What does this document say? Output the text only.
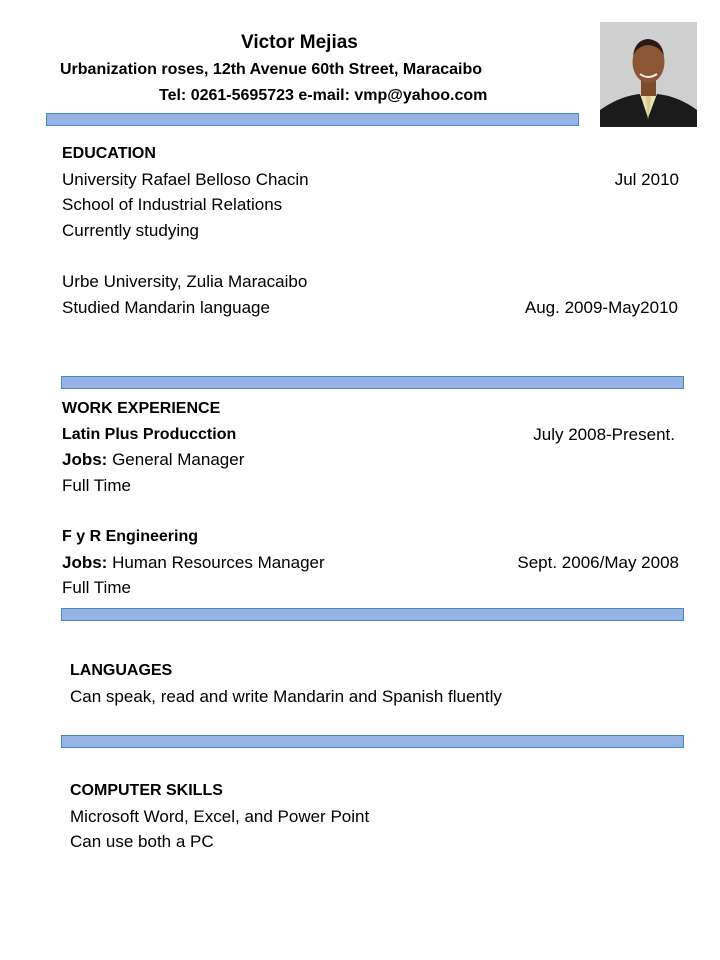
Victor Mejias
Urbanization roses, 12th Avenue 60th Street, Maracaibo
Tel: 0261-5695723 e-mail: vmp@yahoo.com
EDUCATION
University Rafael Belloso Chacin	Jul 2010
School of Industrial Relations
Currently studying
Urbe University, Zulia Maracaibo
Studied Mandarin language	Aug. 2009-May2010
WORK EXPERIENCE
Latin Plus Producction	July 2008-Present.
Jobs: General Manager
Full Time
F y R Engineering
Jobs: Human Resources Manager	Sept. 2006/May 2008
Full Time
LANGUAGES
Can speak, read and write Mandarin and Spanish fluently
COMPUTER SKILLS
Microsoft Word, Excel, and Power Point
Can use both a PC
